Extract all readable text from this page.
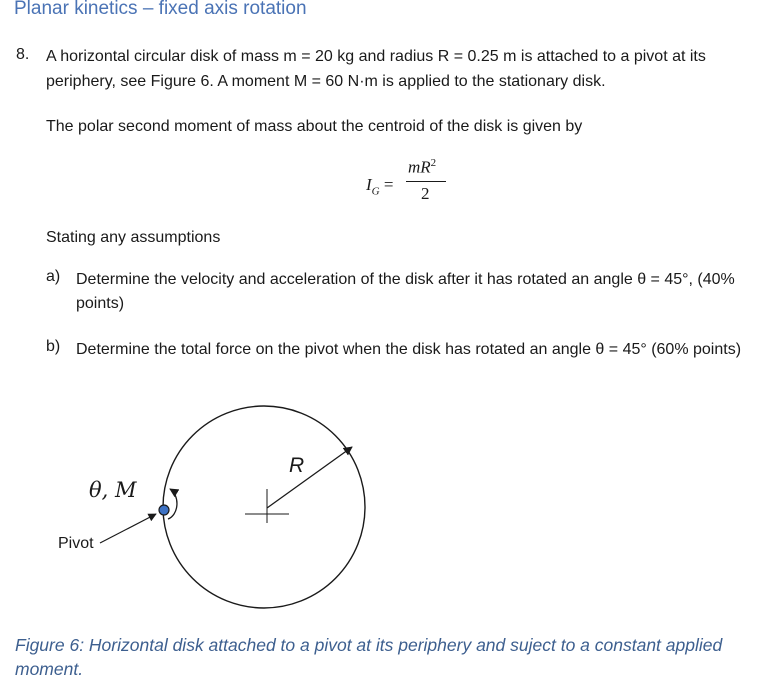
Planar kinetics – fixed axis rotation
8. A horizontal circular disk of mass m = 20 kg and radius R = 0.25 m is attached to a pivot at its periphery, see Figure 6. A moment M = 60 N·m is applied to the stationary disk.
The polar second moment of mass about the centroid of the disk is given by
$I_G$ =
$mR^2$
2
Stating any assumptions
a) Determine the velocity and acceleration of the disk after it has rotated an angle θ = 45°, (40% points)
b) Determine the total force on the pivot when the disk has rotated an angle θ = 45° (60% points)
R
θ, M
Pivot
Figure 6: Horizontal disk attached to a pivot at its periphery and suject to a constant applied moment.
